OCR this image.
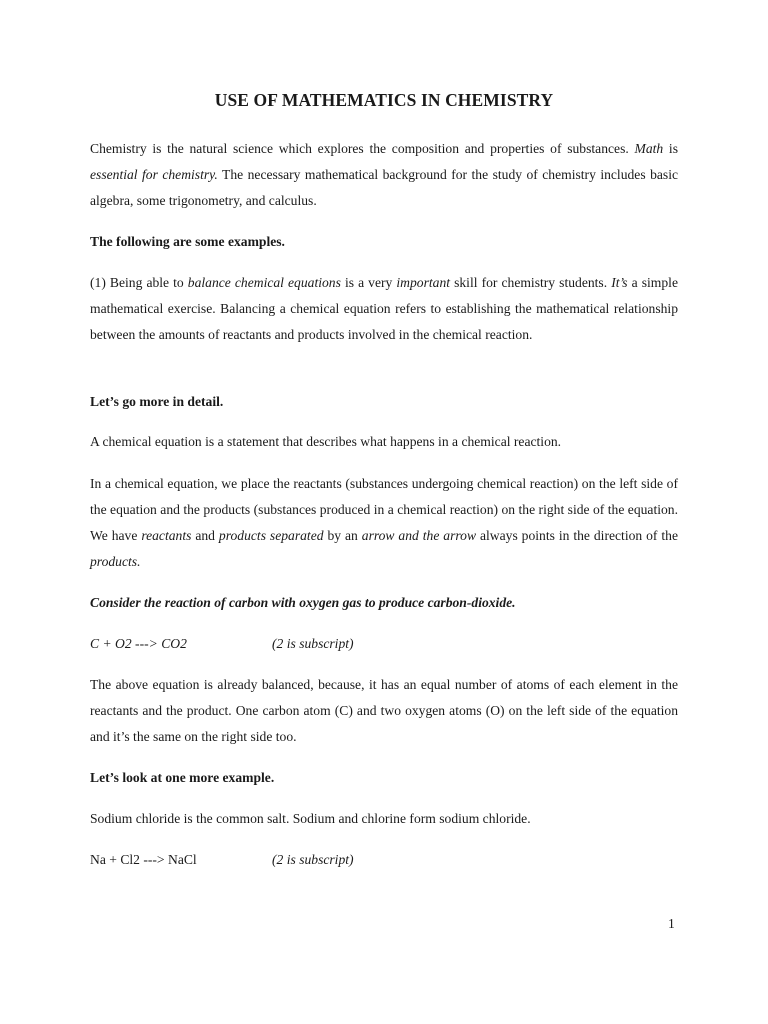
USE OF MATHEMATICS IN CHEMISTRY

Chemistry is the natural science which explores the composition and properties of substances. Math is essential for chemistry. The necessary mathematical background for the study of chemistry includes basic algebra, some trigonometry, and calculus.

The following are some examples.

(1) Being able to balance chemical equations is a very important skill for chemistry students. It’s a simple mathematical exercise. Balancing a chemical equation refers to establishing the mathematical relationship between the amounts of reactants and products involved in the chemical reaction.

Let’s go more in detail.

A chemical equation is a statement that describes what happens in a chemical reaction.

In a chemical equation, we place the reactants (substances undergoing chemical reaction) on the left side of the equation and the products (substances produced in a chemical reaction) on the right side of the equation. We have reactants and products separated by an arrow and the arrow always points in the direction of the products.

Consider the reaction of carbon with oxygen gas to produce carbon-dioxide.

C + O2 ---> CO2	(2 is subscript)

The above equation is already balanced, because, it has an equal number of atoms of each element in the reactants and the product. One carbon atom (C) and two oxygen atoms (O) on the left side of the equation and it’s the same on the right side too.

Let’s look at one more example.

Sodium chloride is the common salt. Sodium and chlorine form sodium chloride.

Na + Cl2 ---> NaCl	(2 is subscript)
1
